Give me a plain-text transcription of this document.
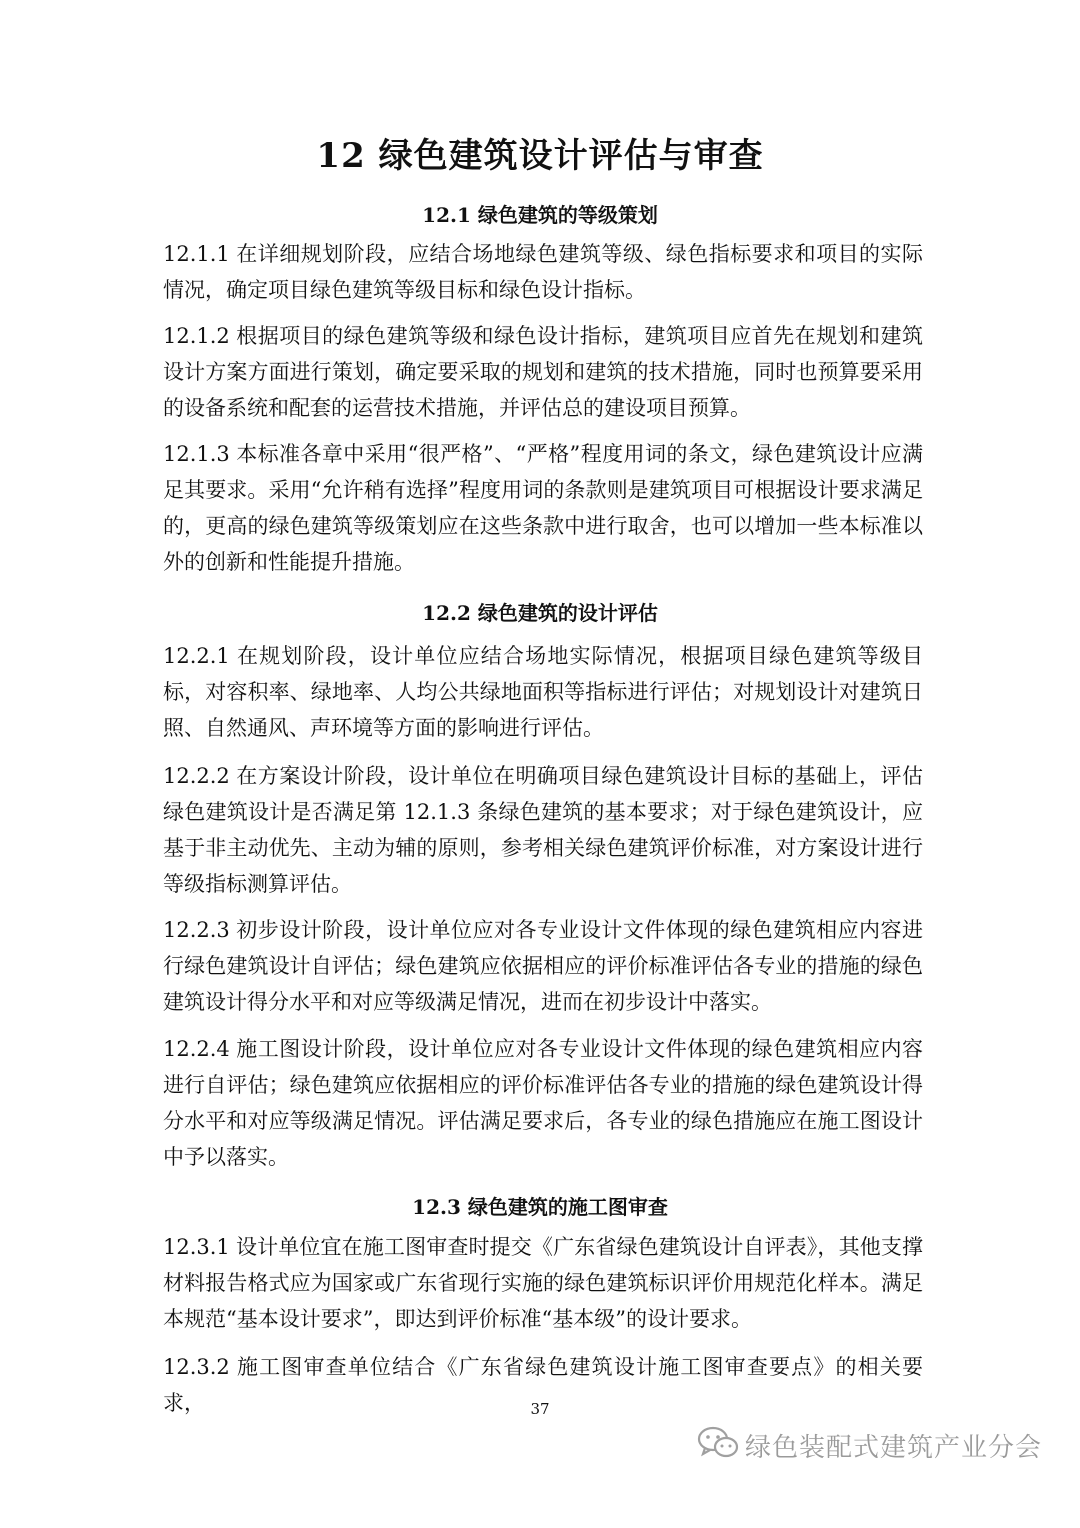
12 绿色建筑设计评估与审查
12.1 绿色建筑的等级策划

12.1.1 在详细规划阶段，应结合场地绿色建筑等级、绿色指标要求和项目的实际情况，确定项目绿色建筑等级目标和绿色设计指标。

12.1.2 根据项目的绿色建筑等级和绿色设计指标，建筑项目应首先在规划和建筑设计方案方面进行策划，确定要采取的规划和建筑的技术措施，同时也预算要采用的设备系统和配套的运营技术措施，并评估总的建设项目预算。

12.1.3 本标准各章中采用“很严格”、“严格”程度用词的条文，绿色建筑设计应满足其要求。采用“允许稍有选择”程度用词的条款则是建筑项目可根据设计要求满足的，更高的绿色建筑等级策划应在这些条款中进行取舍，也可以增加一些本标准以外的创新和性能提升措施。

12.2 绿色建筑的设计评估

12.2.1 在规划阶段，设计单位应结合场地实际情况，根据项目绿色建筑等级目标，对容积率、绿地率、人均公共绿地面积等指标进行评估；对规划设计对建筑日照、自然通风、声环境等方面的影响进行评估。

12.2.2 在方案设计阶段，设计单位在明确项目绿色建筑设计目标的基础上，评估绿色建筑设计是否满足第 12.1.3 条绿色建筑的基本要求；对于绿色建筑设计，应基于非主动优先、主动为辅的原则，参考相关绿色建筑评价标准，对方案设计进行等级指标测算评估。

12.2.3 初步设计阶段，设计单位应对各专业设计文件体现的绿色建筑相应内容进行绿色建筑设计自评估；绿色建筑应依据相应的评价标准评估各专业的措施的绿色建筑设计得分水平和对应等级满足情况，进而在初步设计中落实。

12.2.4 施工图设计阶段，设计单位应对各专业设计文件体现的绿色建筑相应内容进行自评估；绿色建筑应依据相应的评价标准评估各专业的措施的绿色建筑设计得分水平和对应等级满足情况。评估满足要求后，各专业的绿色措施应在施工图设计中予以落实。

12.3 绿色建筑的施工图审查

12.3.1 设计单位宜在施工图审查时提交《广东省绿色建筑设计自评表》，其他支撑材料报告格式应为国家或广东省现行实施的绿色建筑标识评价用规范化样本。满足本规范“基本设计要求”，即达到评价标准“基本级”的设计要求。

12.3.2 施工图审查单位结合《广东省绿色建筑设计施工图审查要点》的相关要求，	37
绿色装配式建筑产业分会
